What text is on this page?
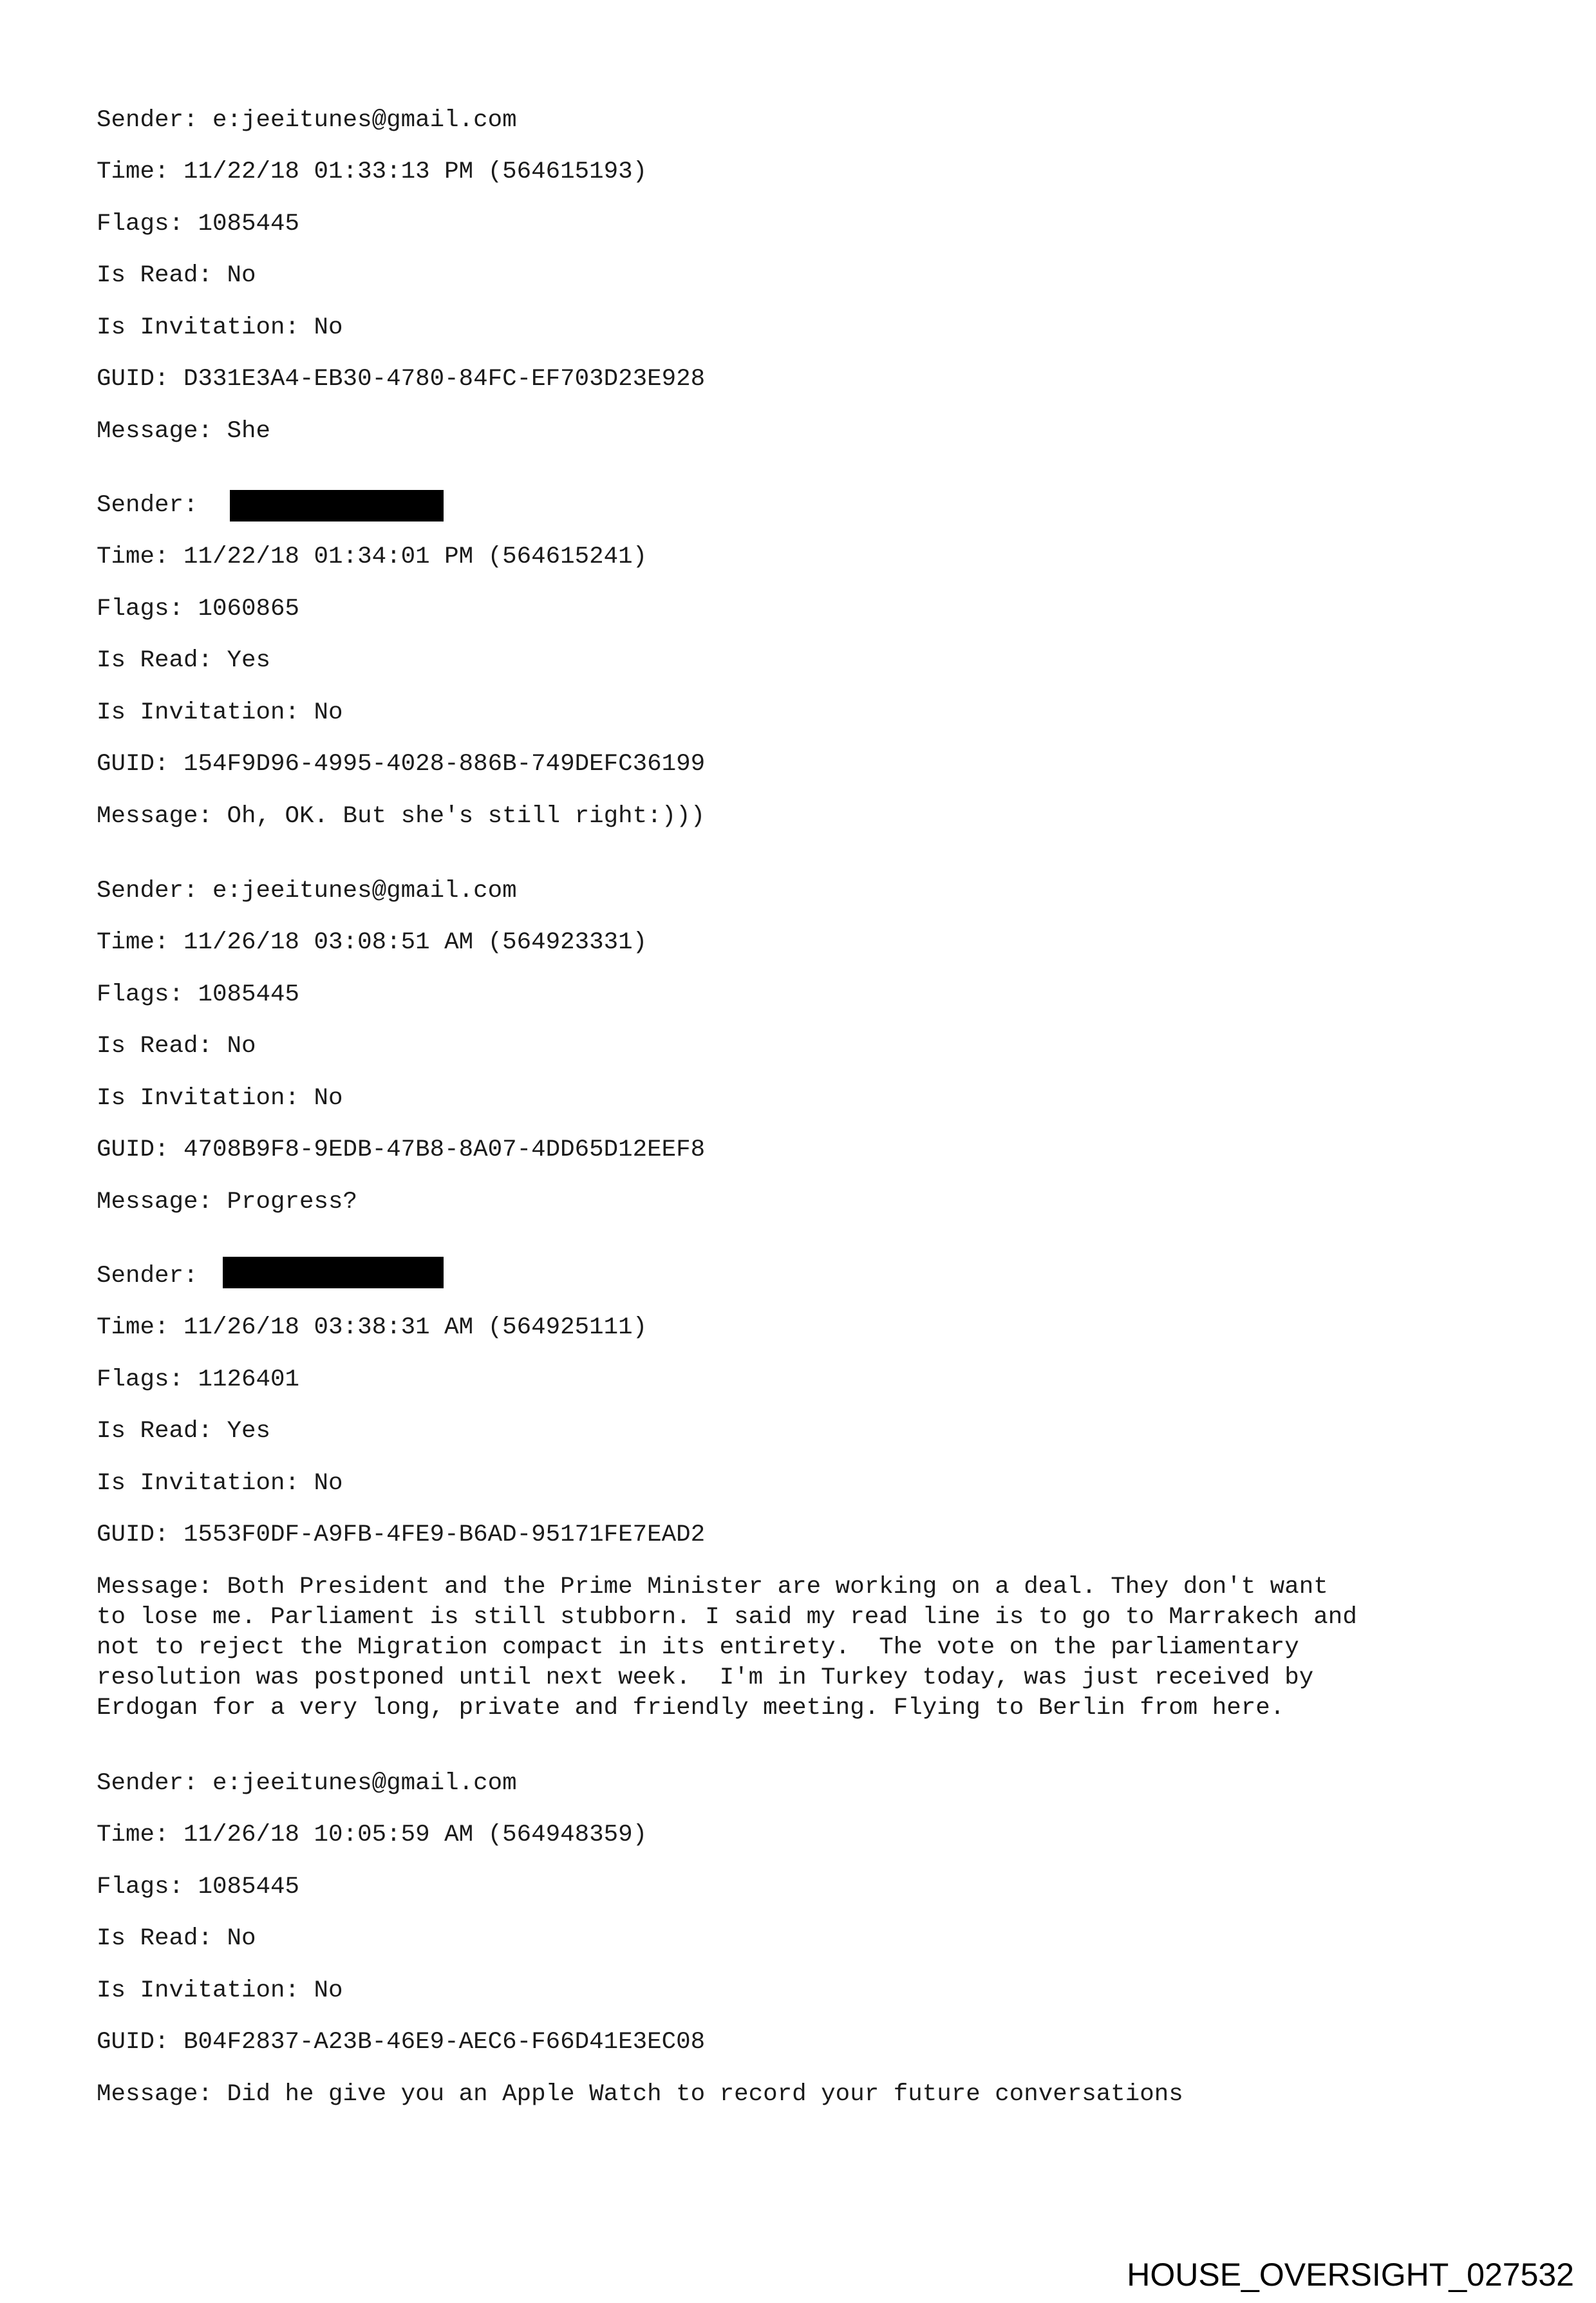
Sender: e:jeeitunes@gmail.com
Time: 11/22/18 01:33:13 PM (564615193)
Flags: 1085445
Is Read: No
Is Invitation: No
GUID: D331E3A4-EB30-4780-84FC-EF703D23E928
Message: She
Sender:
Time: 11/22/18 01:34:01 PM (564615241)
Flags: 1060865
Is Read: Yes
Is Invitation: No
GUID: 154F9D96-4995-4028-886B-749DEFC36199
Message: Oh, OK. But she's still right:)))
Sender: e:jeeitunes@gmail.com
Time: 11/26/18 03:08:51 AM (564923331)
Flags: 1085445
Is Read: No
Is Invitation: No
GUID: 4708B9F8-9EDB-47B8-8A07-4DD65D12EEF8
Message: Progress?
Sender:
Time: 11/26/18 03:38:31 AM (564925111)
Flags: 1126401
Is Read: Yes
Is Invitation: No
GUID: 1553F0DF-A9FB-4FE9-B6AD-95171FE7EAD2
Message: Both President and the Prime Minister are working on a deal. They don't want
to lose me. Parliament is still stubborn. I said my read line is to go to Marrakech and
not to reject the Migration compact in its entirety.  The vote on the parliamentary
resolution was postponed until next week.  I'm in Turkey today, was just received by
Erdogan for a very long, private and friendly meeting. Flying to Berlin from here.
Sender: e:jeeitunes@gmail.com
Time: 11/26/18 10:05:59 AM (564948359)
Flags: 1085445
Is Read: No
Is Invitation: No
GUID: B04F2837-A23B-46E9-AEC6-F66D41E3EC08
Message: Did he give you an Apple Watch to record your future conversations
HOUSE_OVERSIGHT_027532
